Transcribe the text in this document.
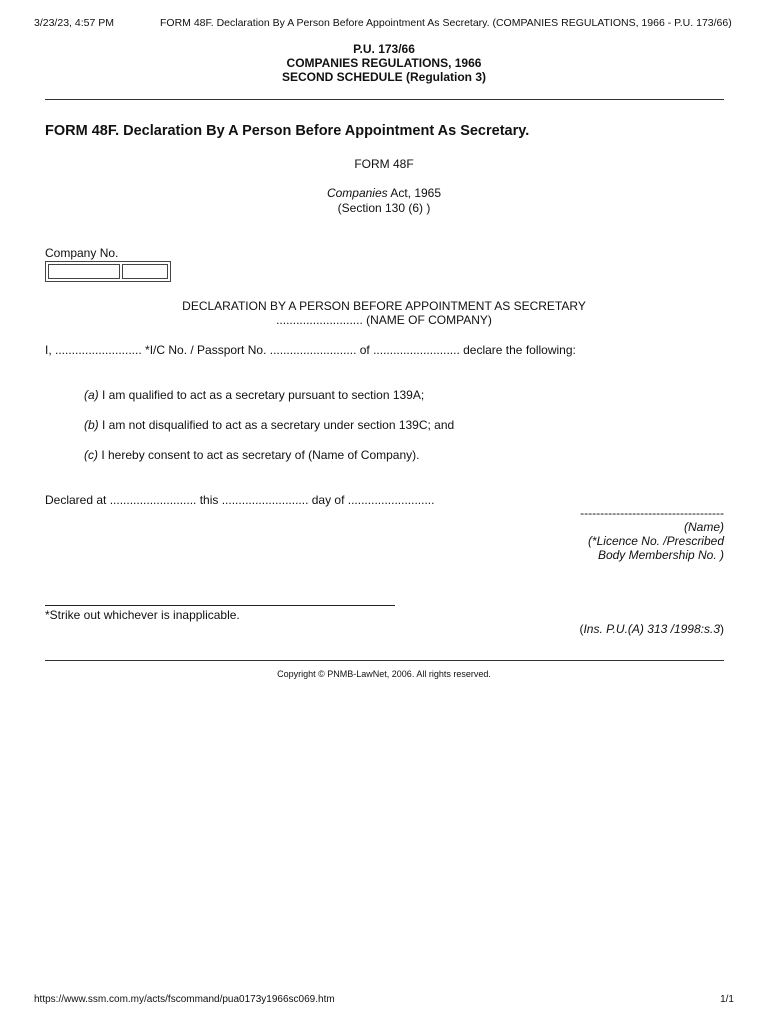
3/23/23, 4:57 PM	FORM 48F. Declaration By A Person Before Appointment As Secretary. (COMPANIES REGULATIONS, 1966 - P.U. 173/66)
P.U. 173/66
COMPANIES REGULATIONS, 1966
SECOND SCHEDULE (Regulation 3)
FORM 48F. Declaration By A Person Before Appointment As Secretary.
FORM 48F
Companies Act, 1965
(Section 130 (6) )
Company No.
DECLARATION BY A PERSON BEFORE APPOINTMENT AS SECRETARY
.......................... (NAME OF COMPANY)
I, .......................... *I/C No. / Passport No. .......................... of .......................... declare the following:
(a) I am qualified to act as a secretary pursuant to section 139A;
(b) I am not disqualified to act as a secretary under section 139C; and
(c) I hereby consent to act as secretary of (Name of Company).
Declared at .......................... this .......................... day of ..........................
------------------------------------
(Name)
(*Licence No. /Prescribed
Body Membership No. )
*Strike out whichever is inapplicable.
(Ins. P.U.(A) 313 /1998:s.3)
Copyright © PNMB-LawNet, 2006. All rights reserved.
https://www.ssm.com.my/acts/fscommand/pua0173y1966sc069.htm	1/1
